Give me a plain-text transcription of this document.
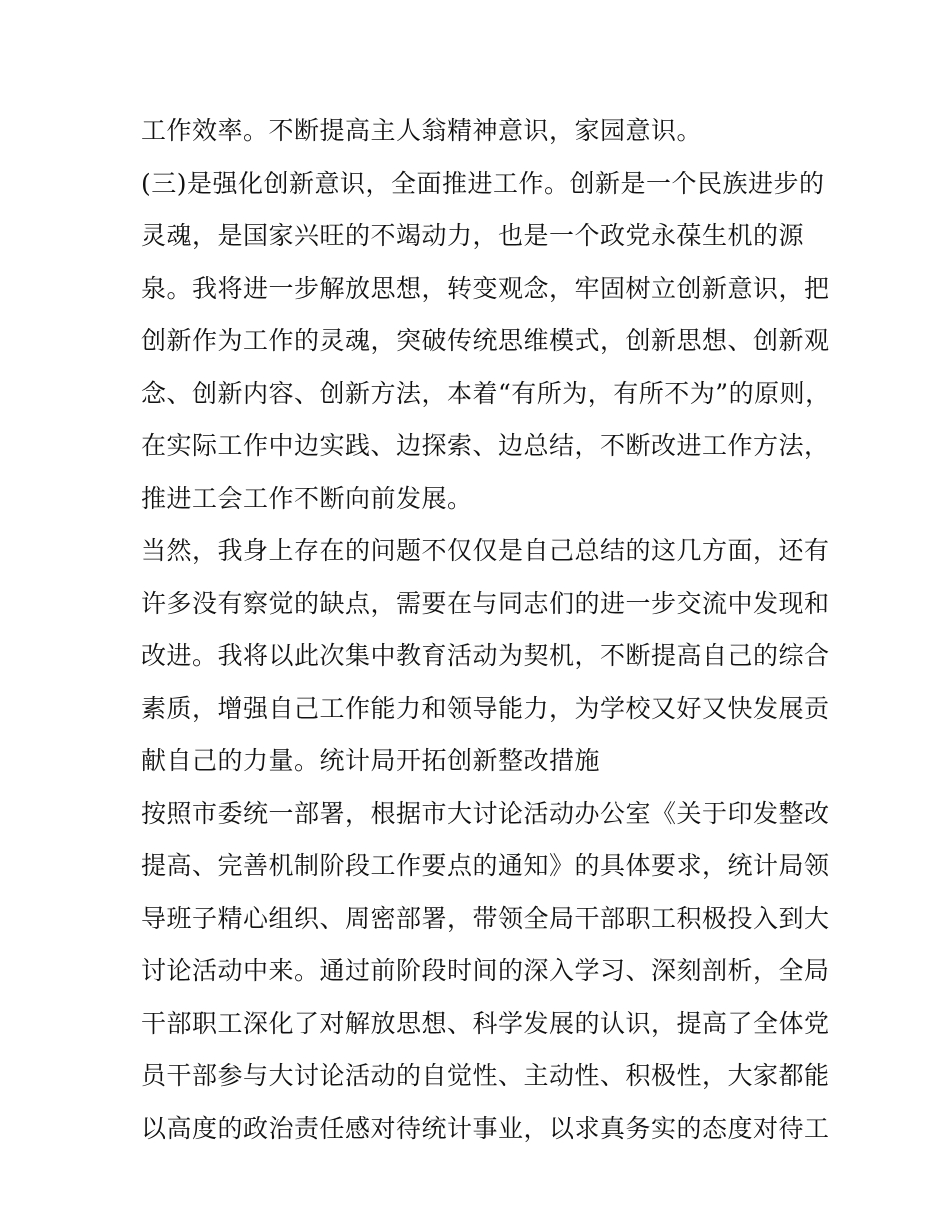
工作效率。不断提高主人翁精神意识，家园意识。
(三)是强化创新意识，全面推进工作。创新是一个民族进步的
灵魂，是国家兴旺的不竭动力，也是一个政党永葆生机的源
泉。我将进一步解放思想，转变观念，牢固树立创新意识，把
创新作为工作的灵魂，突破传统思维模式，创新思想、创新观
念、创新内容、创新方法，本着“有所为，有所不为”的原则，
在实际工作中边实践、边探索、边总结，不断改进工作方法，
推进工会工作不断向前发展。
当然，我身上存在的问题不仅仅是自己总结的这几方面，还有
许多没有察觉的缺点，需要在与同志们的进一步交流中发现和
改进。我将以此次集中教育活动为契机，不断提高自己的综合
素质，增强自己工作能力和领导能力，为学校又好又快发展贡
献自己的力量。统计局开拓创新整改措施
按照市委统一部署，根据市大讨论活动办公室《关于印发整改
提高、完善机制阶段工作要点的通知》的具体要求，统计局领
导班子精心组织、周密部署，带领全局干部职工积极投入到大
讨论活动中来。通过前阶段时间的深入学习、深刻剖析，全局
干部职工深化了对解放思想、科学发展的认识，提高了全体党
员干部参与大讨论活动的自觉性、主动性、积极性，大家都能
以高度的政治责任感对待统计事业，以求真务实的态度对待工
